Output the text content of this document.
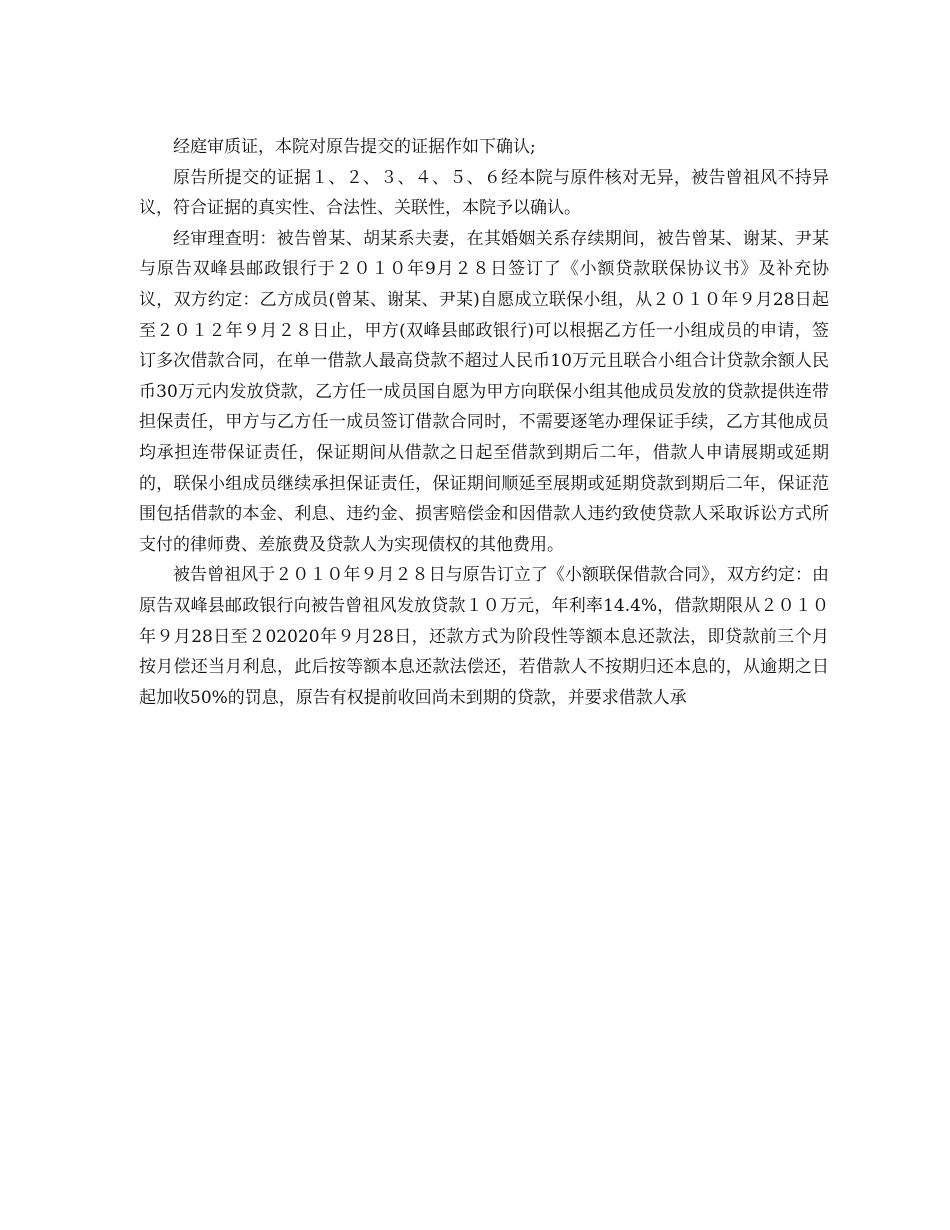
经庭审质证，本院对原告提交的证据作如下确认;

原告所提交的证据１、２、３、４、５、６经本院与原件核对无异，被告曾祖风不持异议，符合证据的真实性、合法性、关联性，本院予以确认。

经审理查明：被告曾某、胡某系夫妻，在其婚姻关系存续期间，被告曾某、谢某、尹某与原告双峰县邮政银行于２０１０年9月２８日签订了《小额贷款联保协议书》及补充协议，双方约定：乙方成员(曾某、谢某、尹某)自愿成立联保小组，从２０１０年９月28日起至２０１２年９月２８日止，甲方(双峰县邮政银行)可以根据乙方任一小组成员的申请，签订多次借款合同，在单一借款人最高贷款不超过人民币10万元且联合小组合计贷款余额人民币30万元内发放贷款，乙方任一成员国自愿为甲方向联保小组其他成员发放的贷款提供连带担保责任，甲方与乙方任一成员签订借款合同时，不需要逐笔办理保证手续，乙方其他成员均承担连带保证责任，保证期间从借款之日起至借款到期后二年，借款人申请展期或延期的，联保小组成员继续承担保证责任，保证期间顺延至展期或延期贷款到期后二年，保证范围包括借款的本金、利息、违约金、损害赔偿金和因借款人违约致使贷款人采取诉讼方式所支付的律师费、差旅费及贷款人为实现债权的其他费用。

被告曾祖风于２０１０年９月２８日与原告订立了《小额联保借款合同》，双方约定：由原告双峰县邮政银行向被告曾祖风发放贷款１０万元，年利率14.4%，借款期限从２０１０年９月28日至２02020年９月28日，还款方式为阶段性等额本息还款法，即贷款前三个月按月偿还当月利息，此后按等额本息还款法偿还，若借款人不按期归还本息的，从逾期之日起加收50%的罚息，原告有权提前收回尚未到期的贷款，并要求借款人承
